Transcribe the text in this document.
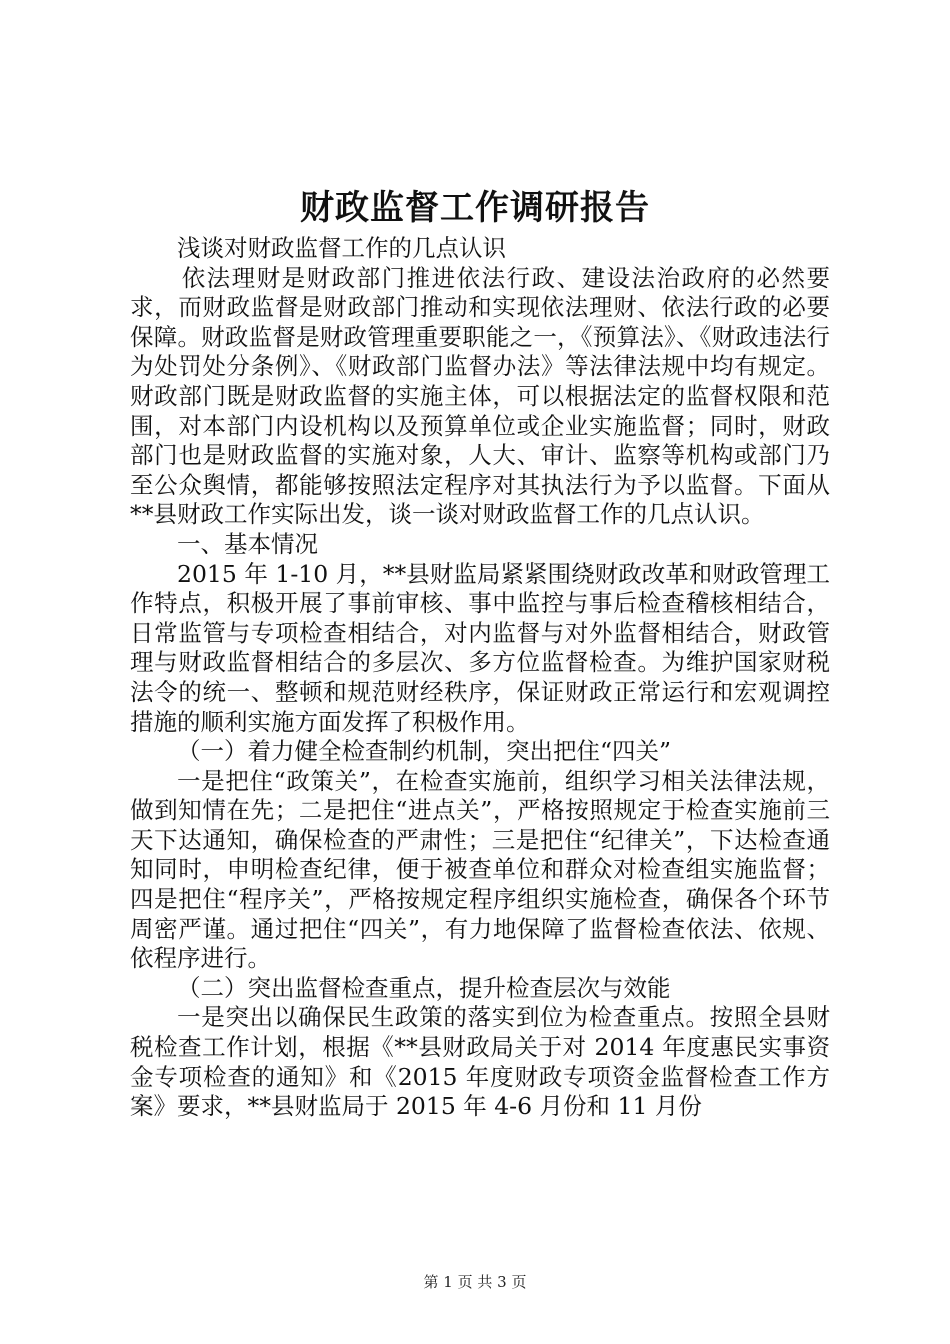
财政监督工作调研报告

浅谈对财政监督工作的几点认识

依法理财是财政部门推进依法行政、建设法治政府的必然要求，而财政监督是财政部门推动和实现依法理财、依法行政的必要保障。财政监督是财政管理重要职能之一，《预算法》、《财政违法行为处罚处分条例》、《财政部门监督办法》等法律法规中均有规定。财政部门既是财政监督的实施主体，可以根据法定的监督权限和范围，对本部门内设机构以及预算单位或企业实施监督；同时，财政部门也是财政监督的实施对象，人大、审计、监察等机构或部门乃至公众舆情，都能够按照法定程序对其执法行为予以监督。下面从**县财政工作实际出发，谈一谈对财政监督工作的几点认识。

一、基本情况

2015 年 1-10 月，**县财监局紧紧围绕财政改革和财政管理工作特点，积极开展了事前审核、事中监控与事后检查稽核相结合，日常监管与专项检查相结合，对内监督与对外监督相结合，财政管理与财政监督相结合的多层次、多方位监督检查。为维护国家财税法令的统一、整顿和规范财经秩序，保证财政正常运行和宏观调控措施的顺利实施方面发挥了积极作用。

（一）着力健全检查制约机制，突出把住“四关”

一是把住“政策关”，在检查实施前，组织学习相关法律法规，做到知情在先；二是把住“进点关”，严格按照规定于检查实施前三天下达通知，确保检查的严肃性；三是把住“纪律关”，下达检查通知同时，申明检查纪律，便于被查单位和群众对检查组实施监督；四是把住“程序关”，严格按规定程序组织实施检查，确保各个环节周密严谨。通过把住“四关”，有力地保障了监督检查依法、依规、依程序进行。

（二）突出监督检查重点，提升检查层次与效能

一是突出以确保民生政策的落实到位为检查重点。按照全县财税检查工作计划，根据《**县财政局关于对 2014 年度惠民实事资金专项检查的通知》和《2015 年度财政专项资金监督检查工作方案》要求，**县财监局于 2015 年 4-6 月份和 11 月份

第 1 页 共 3 页
